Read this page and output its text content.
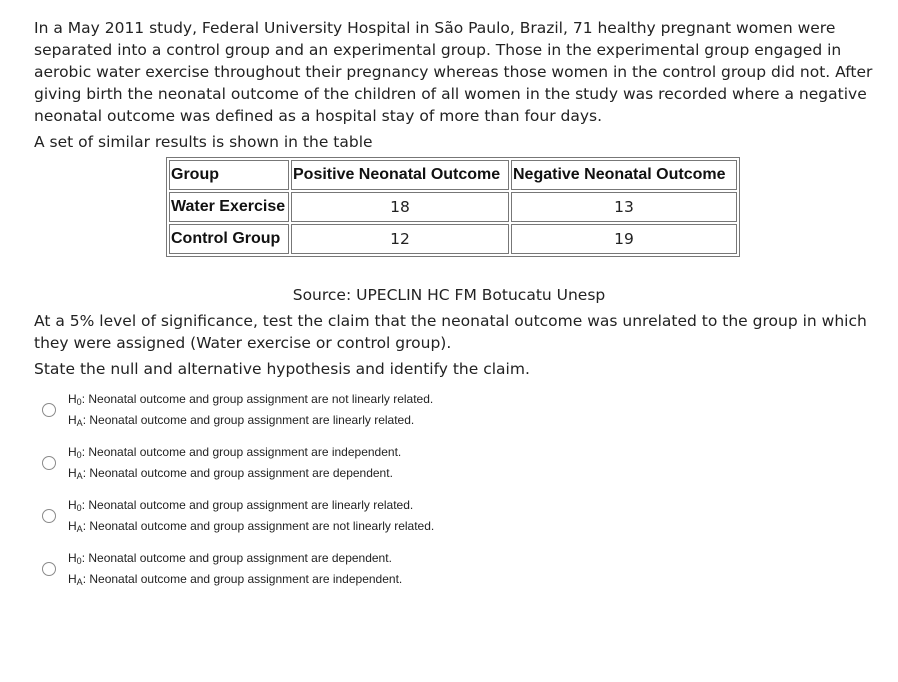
In a May 2011 study, Federal University Hospital in São Paulo, Brazil, 71 healthy pregnant women were separated into a control group and an experimental group. Those in the experimental group engaged in aerobic water exercise throughout their pregnancy whereas those women in the control group did not. After giving birth the neonatal outcome of the children of all women in the study was recorded where a negative neonatal outcome was defined as a hospital stay of more than four days.

A set of similar results is shown in the table

Group	Positive Neonatal Outcome	Negative Neonatal Outcome
Water Exercise	18	13
Control Group	12	19

Source: UPECLIN HC FM Botucatu Unesp

At a 5% level of significance, test the claim that the neonatal outcome was unrelated to the group in which they were assigned (Water exercise or control group).

State the null and alternative hypothesis and identify the claim.

$H_0$: Neonatal outcome and group assignment are not linearly related.
$H_A$: Neonatal outcome and group assignment are linearly related.
$H_0$: Neonatal outcome and group assignment are independent.
$H_A$: Neonatal outcome and group assignment are dependent.
$H_0$: Neonatal outcome and group assignment are linearly related.
$H_A$: Neonatal outcome and group assignment are not linearly related.
$H_0$: Neonatal outcome and group assignment are dependent.
$H_A$: Neonatal outcome and group assignment are independent.
